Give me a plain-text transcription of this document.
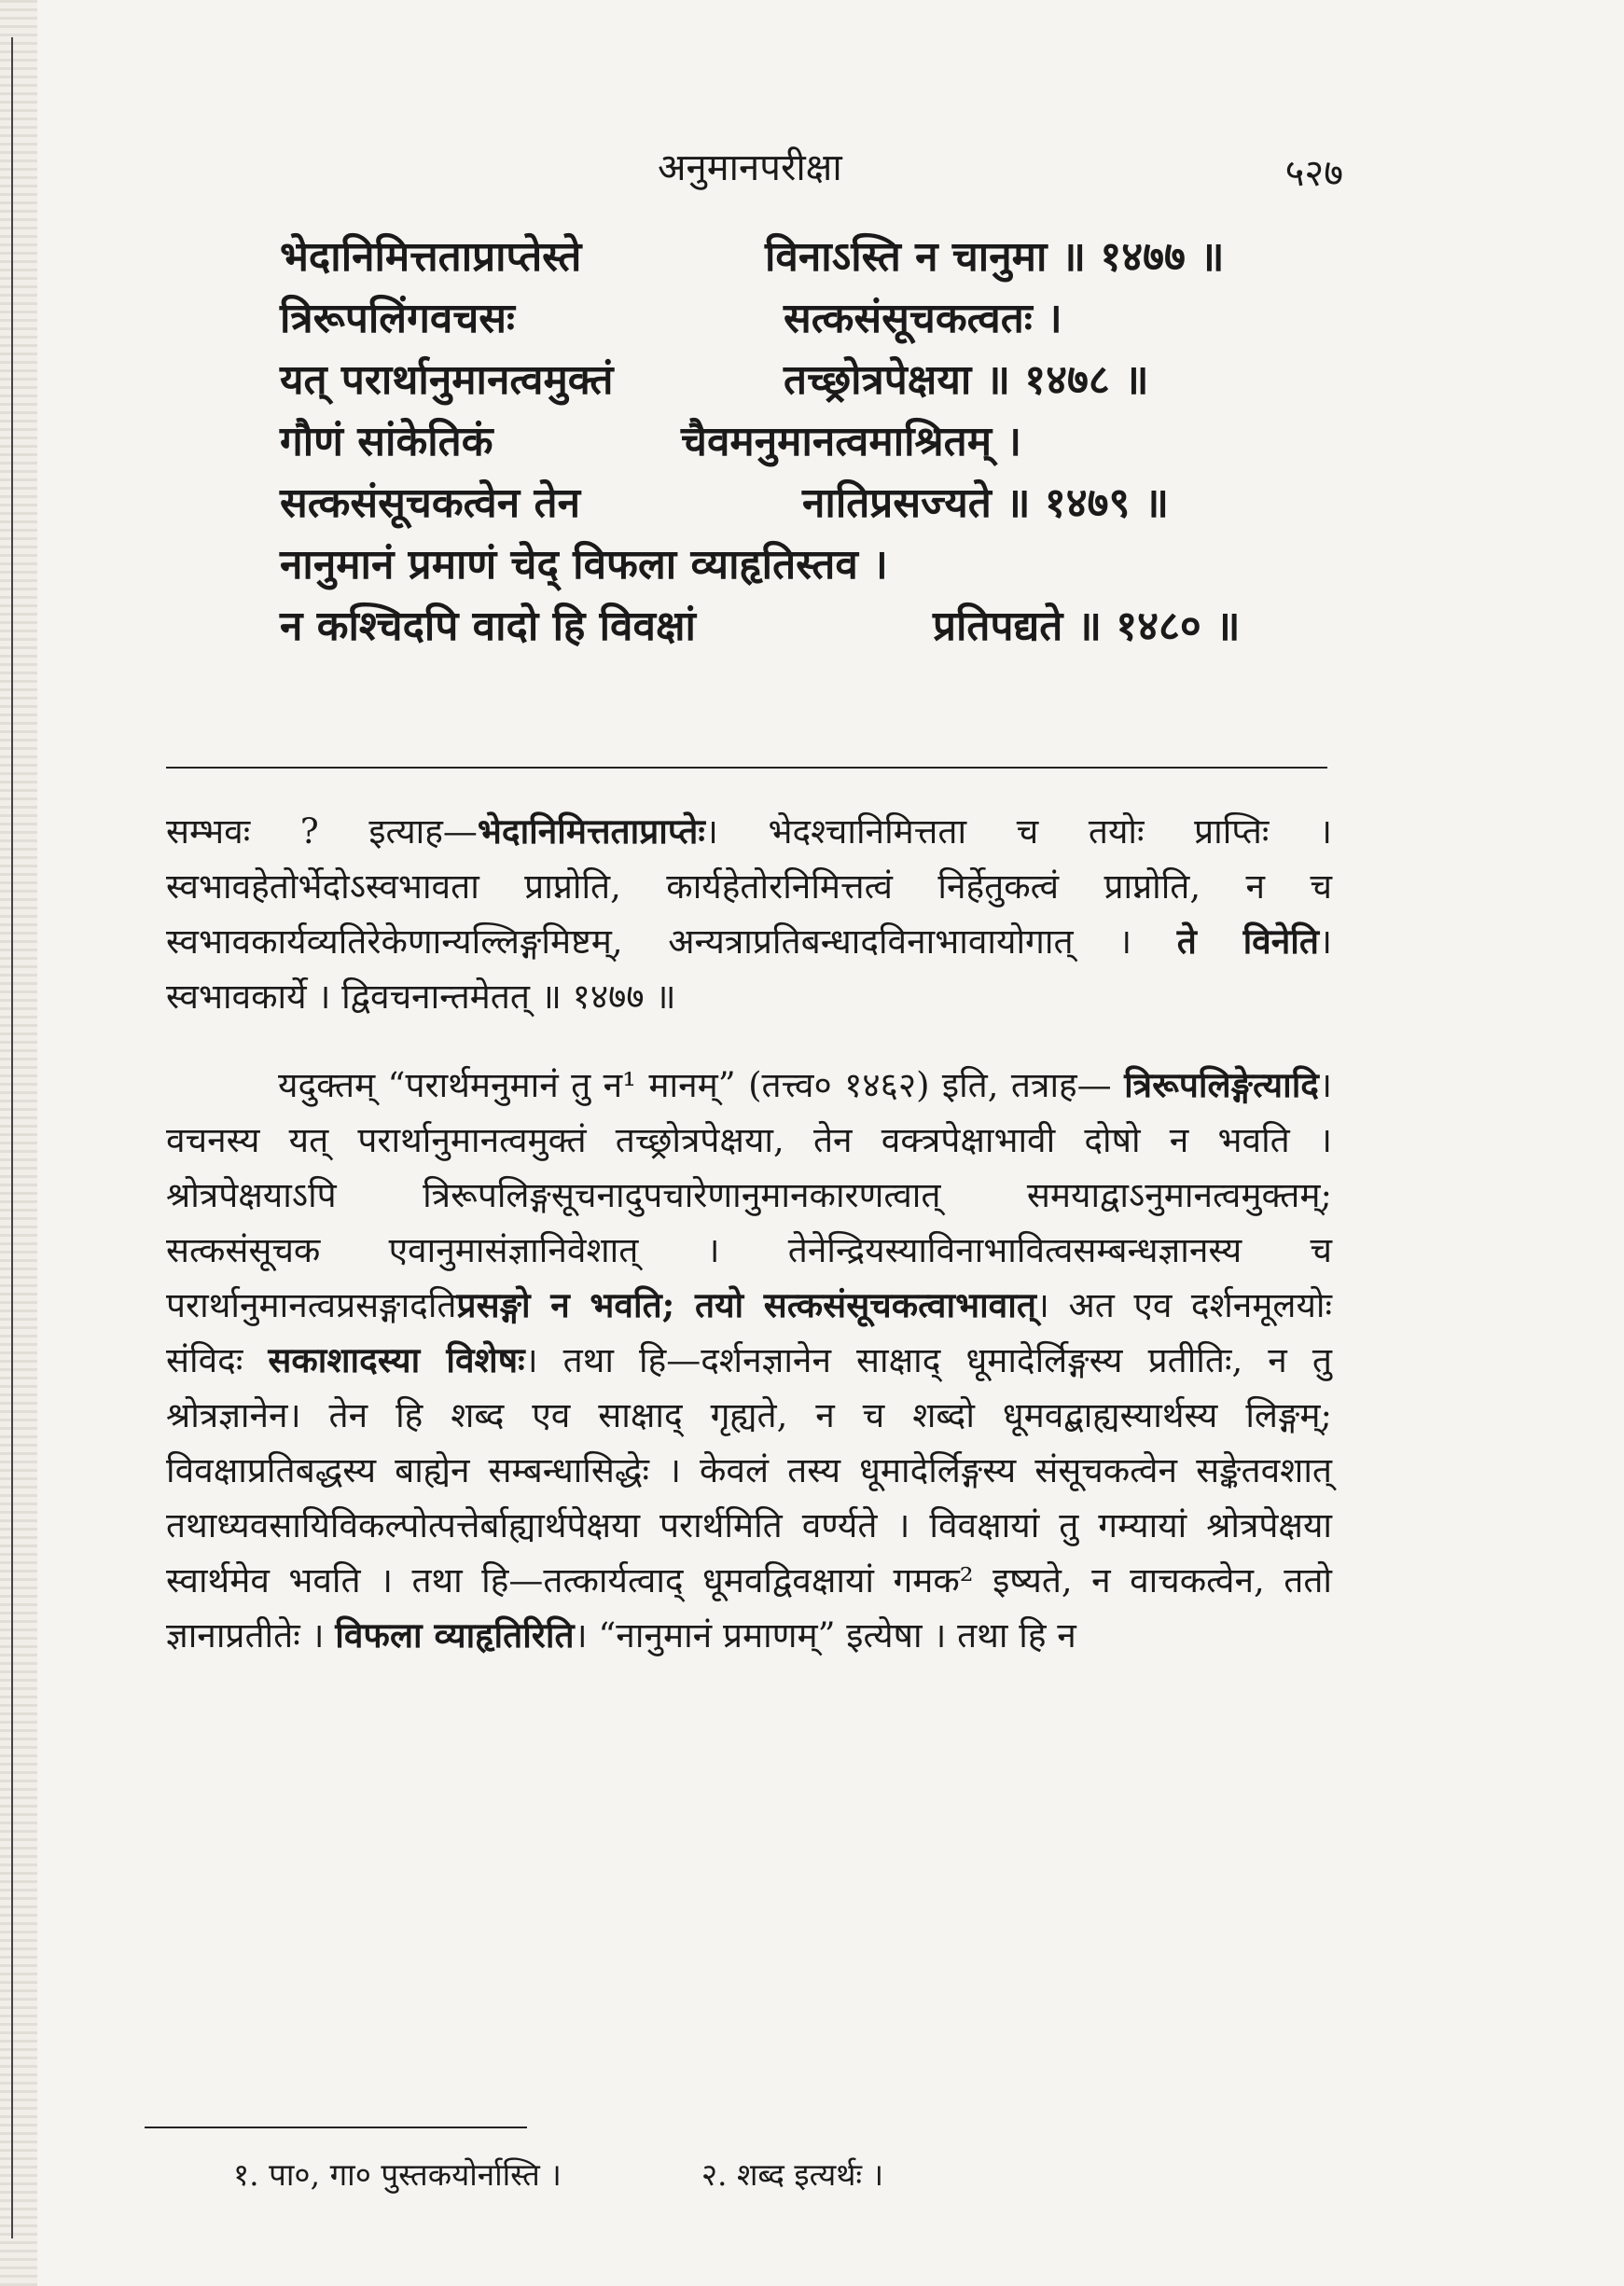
अनुमानपरीक्षा	५२७
भेदानिमित्तताप्राप्तेस्ते	विनाऽस्ति न चानुमा ॥ १४७७ ॥
त्रिरूपलिंगवचसः	सत्कसंसूचकत्वतः ।
यत् परार्थानुमानत्वमुक्तं	तच्छ्रोत्रपेक्षया ॥ १४७८ ॥
गौणं सांकेतिकं	चैवमनुमानत्वमाश्रितम् ।
सत्कसंसूचकत्वेन तेन	नातिप्रसज्यते ॥ १४७९ ॥
नानुमानं प्रमाणं चेद् विफला व्याहृतिस्तव ।
न कश्चिदपि वादो हि विवक्षां	प्रतिपद्यते ॥ १४८० ॥

सम्भवः ? इत्याह—भेदानिमित्तताप्राप्तेः। भेदश्चानिमित्तता च तयोः प्राप्तिः । स्वभावहेतोर्भेदोऽस्वभावता प्राप्नोति, कार्यहेतोरनिमित्तत्वं निर्हेतुकत्वं प्राप्नोति, न च स्वभावकार्यव्यतिरेकेणान्यल्लिङ्गमिष्टम्, अन्यत्राप्रतिबन्धादविनाभावायोगात् । ते विनेति। स्वभावकार्ये । द्विवचनान्तमेतत् ॥ १४७७ ॥

यदुक्तम् “परार्थमनुमानं तु न¹ मानम्” (तत्त्व० १४६२) इति, तत्राह— त्रिरूपलिङ्गेत्यादि। वचनस्य यत् परार्थानुमानत्वमुक्तं तच्छ्रोत्रपेक्षया, तेन वक्त्रपेक्षाभावी दोषो न भवति । श्रोत्रपेक्षयाऽपि त्रिरूपलिङ्गसूचनादुपचारेणानुमानकारणत्वात् समयाद्वाऽनुमानत्वमुक्तम्; सत्कसंसूचक एवानुमासंज्ञानिवेशात् । तेनेन्द्रियस्याविनाभावित्वसम्बन्धज्ञानस्य च परार्थानुमानत्वप्रसङ्गादतिप्रसङ्गो न भवति; तयो सत्कसंसूचकत्वाभावात्। अत एव दर्शनमूलयोः संविदः सकाशादस्या विशेषः। तथा हि—दर्शनज्ञानेन साक्षाद् धूमादेर्लिङ्गस्य प्रतीतिः, न तु श्रोत्रज्ञानेन। तेन हि शब्द एव साक्षाद् गृह्यते, न च शब्दो धूमवद्बाह्यस्यार्थस्य लिङ्गम्; विवक्षाप्रतिबद्धस्य बाह्येन सम्बन्धासिद्धेः । केवलं तस्य धूमादेर्लिङ्गस्य संसूचकत्वेन सङ्केतवशात् तथाध्यवसायिविकल्पोत्पत्तेर्बाह्यार्थपेक्षया परार्थमिति वर्ण्यते । विवक्षायां तु गम्यायां श्रोत्रपेक्षया स्वार्थमेव भवति । तथा हि—तत्कार्यत्वाद् धूमवद्विवक्षायां गमक² इष्यते, न वाचकत्वेन, ततो ज्ञानाप्रतीतेः । विफला व्याहृतिरिति। “नानुमानं प्रमाणम्” इत्येषा । तथा हि न

१. पा०, गा० पुस्तकयोर्नास्ति ।	२. शब्द इत्यर्थः ।
